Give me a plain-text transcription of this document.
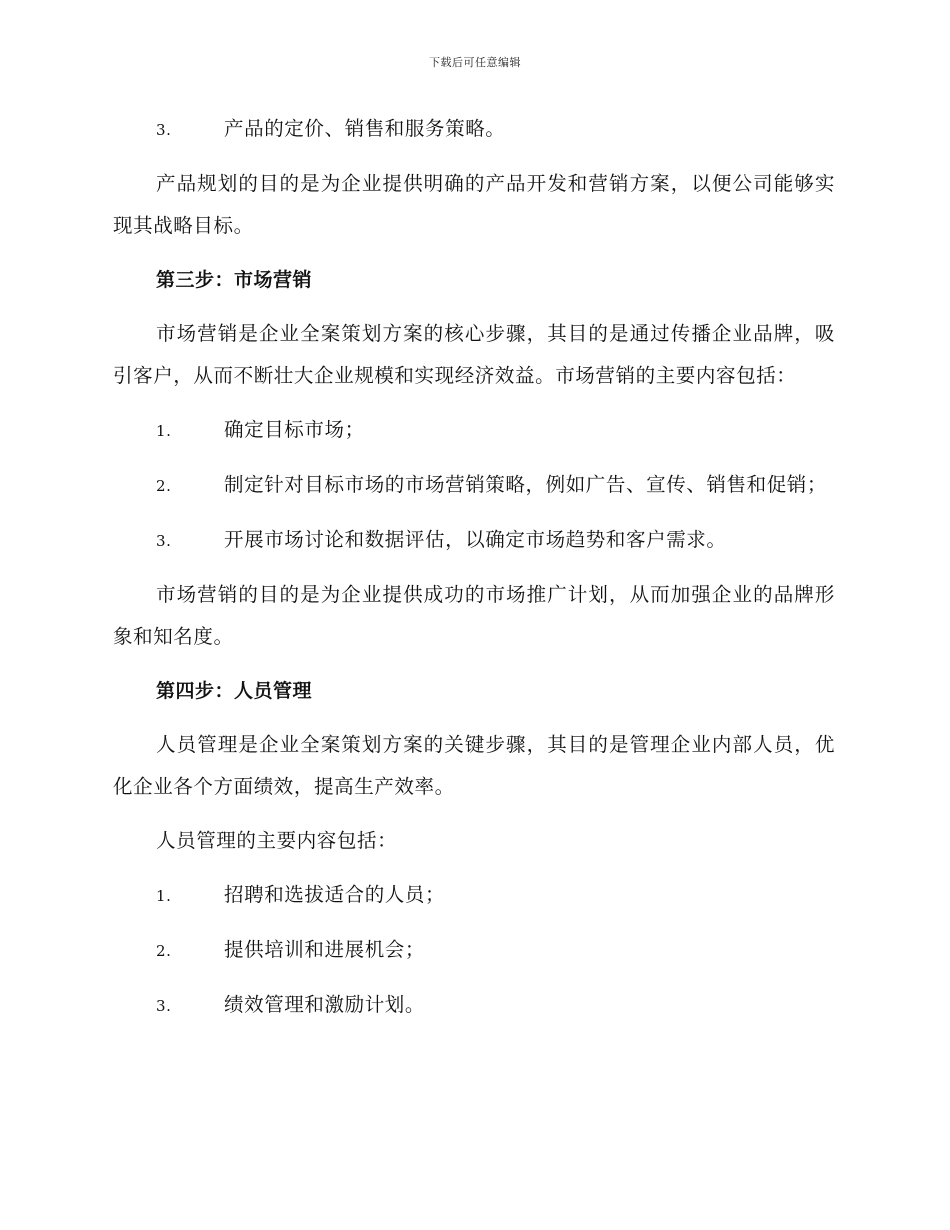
下载后可任意编辑
3.	产品的定价、销售和服务策略。

产品规划的目的是为企业提供明确的产品开发和营销方案，以便公司能够实现其战略目标。

第三步：市场营销

市场营销是企业全案策划方案的核心步骤，其目的是通过传播企业品牌，吸引客户，从而不断壮大企业规模和实现经济效益。市场营销的主要内容包括：

1.	确定目标市场；
2.	制定针对目标市场的市场营销策略，例如广告、宣传、销售和促销；
3.	开展市场讨论和数据评估，以确定市场趋势和客户需求。

市场营销的目的是为企业提供成功的市场推广计划，从而加强企业的品牌形象和知名度。

第四步：人员管理

人员管理是企业全案策划方案的关键步骤，其目的是管理企业内部人员，优化企业各个方面绩效，提高生产效率。

人员管理的主要内容包括：

1.	招聘和选拔适合的人员；
2.	提供培训和进展机会；
3.	绩效管理和激励计划。
